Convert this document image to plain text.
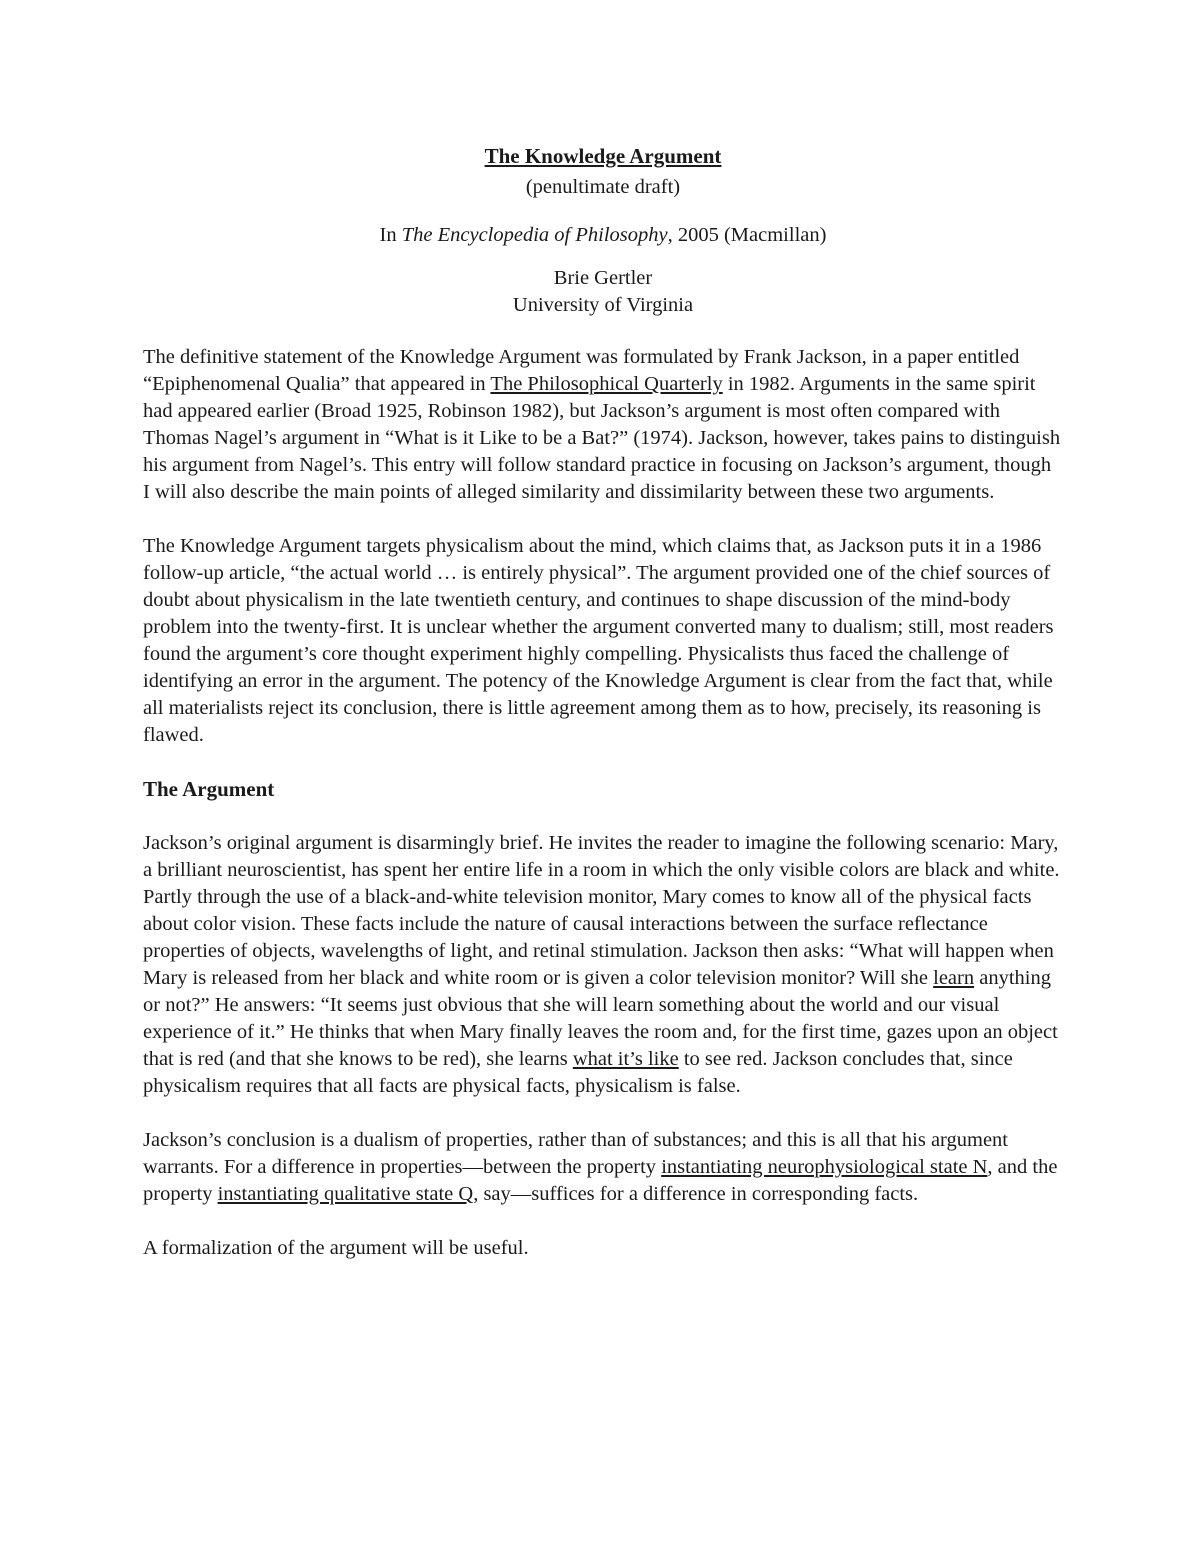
The Knowledge Argument

(penultimate draft)

In The Encyclopedia of Philosophy, 2005 (Macmillan)

Brie Gertler

University of Virginia

The definitive statement of the Knowledge Argument was formulated by Frank Jackson, in a paper entitled “Epiphenomenal Qualia” that appeared in The Philosophical Quarterly in 1982. Arguments in the same spirit had appeared earlier (Broad 1925, Robinson 1982), but Jackson’s argument is most often compared with Thomas Nagel’s argument in “What is it Like to be a Bat?” (1974). Jackson, however, takes pains to distinguish his argument from Nagel’s. This entry will follow standard practice in focusing on Jackson’s argument, though I will also describe the main points of alleged similarity and dissimilarity between these two arguments.

The Knowledge Argument targets physicalism about the mind, which claims that, as Jackson puts it in a 1986 follow-up article, “the actual world … is entirely physical”. The argument provided one of the chief sources of doubt about physicalism in the late twentieth century, and continues to shape discussion of the mind-body problem into the twenty-first. It is unclear whether the argument converted many to dualism; still, most readers found the argument’s core thought experiment highly compelling. Physicalists thus faced the challenge of identifying an error in the argument. The potency of the Knowledge Argument is clear from the fact that, while all materialists reject its conclusion, there is little agreement among them as to how, precisely, its reasoning is flawed.

The Argument

Jackson’s original argument is disarmingly brief. He invites the reader to imagine the following scenario: Mary, a brilliant neuroscientist, has spent her entire life in a room in which the only visible colors are black and white. Partly through the use of a black-and-white television monitor, Mary comes to know all of the physical facts about color vision. These facts include the nature of causal interactions between the surface reflectance properties of objects, wavelengths of light, and retinal stimulation. Jackson then asks: “What will happen when Mary is released from her black and white room or is given a color television monitor? Will she learn anything or not?” He answers: “It seems just obvious that she will learn something about the world and our visual experience of it.” He thinks that when Mary finally leaves the room and, for the first time, gazes upon an object that is red (and that she knows to be red), she learns what it’s like to see red. Jackson concludes that, since physicalism requires that all facts are physical facts, physicalism is false.

Jackson’s conclusion is a dualism of properties, rather than of substances; and this is all that his argument warrants. For a difference in properties—between the property instantiating neurophysiological state N, and the property instantiating qualitative state Q, say—suffices for a difference in corresponding facts.

A formalization of the argument will be useful.
